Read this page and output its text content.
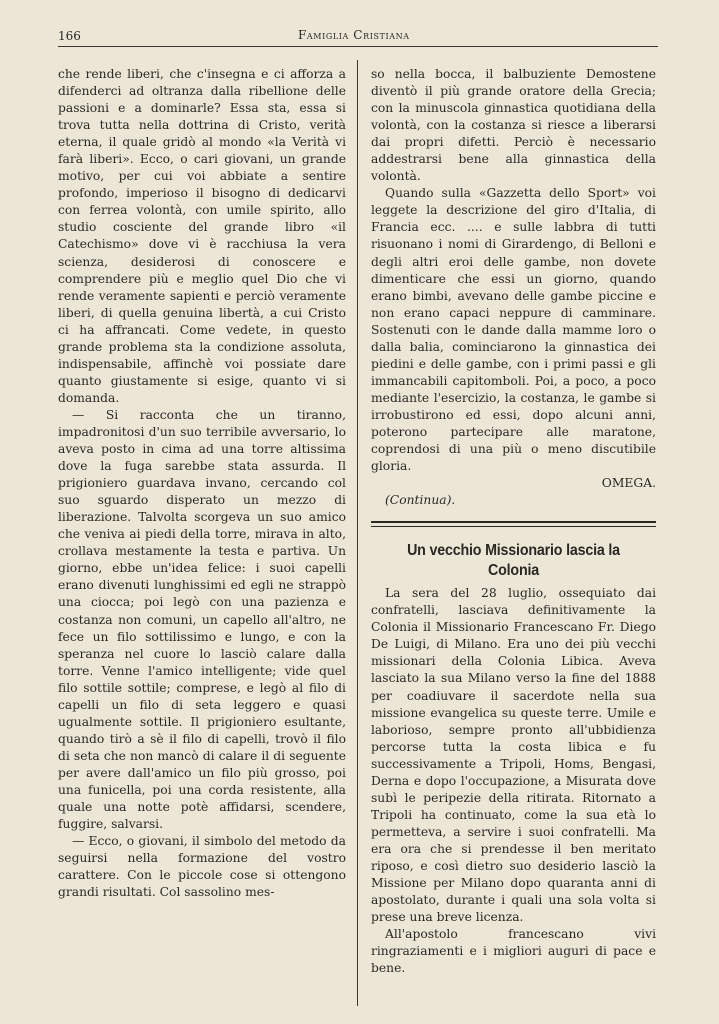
166	Famiglia Cristiana

che rende liberi, che c'insegna e ci afforza a difenderci ad oltranza dalla ribellione delle passioni e a dominarle? Essa sta, essa si trova tutta nella dottrina di Cristo, verità eterna, il quale gridò al mondo «la Verità vi farà liberi». Ecco, o cari giovani, un grande motivo, per cui voi abbiate a sentire profondo, imperioso il bisogno di dedicarvi con ferrea volontà, con umile spirito, allo studio cosciente del grande libro «il Catechismo» dove vi è racchiusa la vera scienza, desiderosi di conoscere e comprendere più e meglio quel Dio che vi rende veramente sapienti e perciò veramente liberi, di quella genuina libertà, a cui Cristo ci ha affrancati. Come vedete, in questo grande problema sta la condizione assoluta, indispensabile, affinchè voi possiate dare quanto giustamente si esige, quanto vi si domanda.

— Si racconta che un tiranno, impadronitosi d'un suo terribile avversario, lo aveva posto in cima ad una torre altissima dove la fuga sarebbe stata assurda. Il prigioniero guardava invano, cercando col suo sguardo disperato un mezzo di liberazione. Talvolta scorgeva un suo amico che veniva ai piedi della torre, mirava in alto, crollava mestamente la testa e partiva. Un giorno, ebbe un'idea felice: i suoi capelli erano divenuti lunghissimi ed egli ne strappò una ciocca; poi legò con una pazienza e costanza non comuni, un capello all'altro, ne fece un filo sottilissimo e lungo, e con la speranza nel cuore lo lasciò calare dalla torre. Venne l'amico intelligente; vide quel filo sottile sottile; comprese, e legò al filo di capelli un filo di seta leggero e quasi ugualmente sottile. Il prigioniero esultante, quando tirò a sè il filo di capelli, trovò il filo di seta che non mancò di calare il di seguente per avere dall'amico un filo più grosso, poi una funicella, poi una corda resistente, alla quale una notte potè affidarsi, scendere, fuggire, salvarsi.

— Ecco, o giovani, il simbolo del metodo da seguirsi nella formazione del vostro carattere. Con le piccole cose si ottengono grandi risultati. Col sassolino mes-

so nella bocca, il balbuziente Demostene diventò il più grande oratore della Grecia; con la minuscola ginnastica quotidiana della volontà, con la costanza si riesce a liberarsi dai propri difetti. Perciò è necessario addestrarsi bene alla ginnastica della volontà.

Quando sulla «Gazzetta dello Sport» voi leggete la descrizione del giro d'Italia, di Francia ecc. .... e sulle labbra di tutti risuonano i nomi di Girardengo, di Belloni e degli altri eroi delle gambe, non dovete dimenticare che essi un giorno, quando erano bimbi, avevano delle gambe piccine e non erano capaci neppure di camminare. Sostenuti con le dande dalla mamme loro o dalla balia, cominciarono la ginnastica dei piedini e delle gambe, con i primi passi e gli immancabili capitomboli. Poi, a poco, a poco mediante l'esercizio, la costanza, le gambe si irrobustirono ed essi, dopo alcuni anni, poterono partecipare alle maratone, coprendosi di una più o meno discutibile gloria.

OMEGA.

(Continua).

Un vecchio Missionario lascia la Colonia

La sera del 28 luglio, ossequiato dai confratelli, lasciava definitivamente la Colonia il Missionario Francescano Fr. Diego De Luigi, di Milano. Era uno dei più vecchi missionari della Colonia Libica. Aveva lasciato la sua Milano verso la fine del 1888 per coadiuvare il sacerdote nella sua missione evangelica su queste terre. Umile e laborioso, sempre pronto all'ubbidienza percorse tutta la costa libica e fu successivamente a Tripoli, Homs, Bengasi, Derna e dopo l'occupazione, a Misurata dove subì le peripezie della ritirata. Ritornato a Tripoli ha continuato, come la sua età lo permetteva, a servire i suoi confratelli. Ma era ora che si prendesse il ben meritato riposo, e così dietro suo desiderio lasciò la Missione per Milano dopo quaranta anni di apostolato, durante i quali una sola volta si prese una breve licenza.

All'apostolo francescano vivi ringraziamenti e i migliori auguri di pace e bene.
